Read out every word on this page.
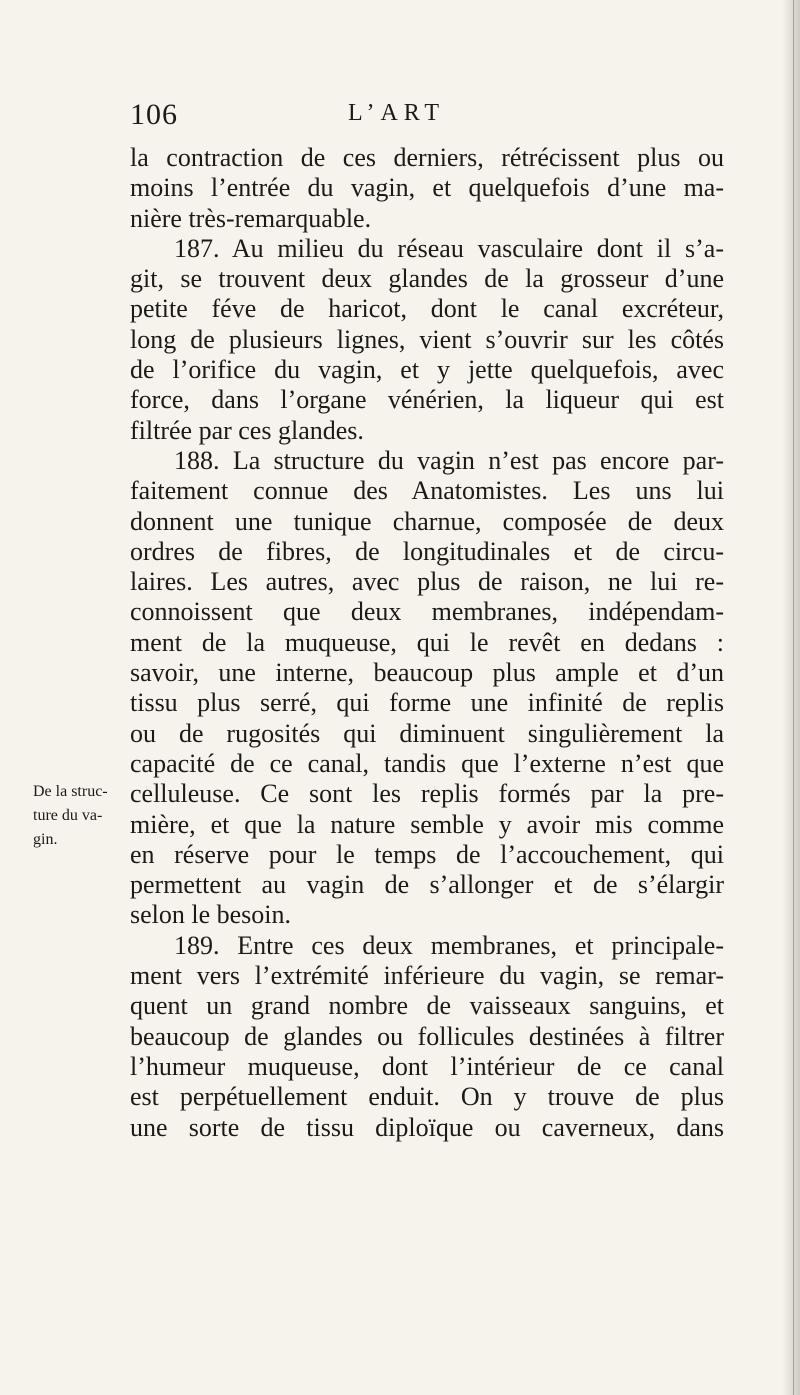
106	L’ART
De la struc-
ture du va-
gin.
la contraction de ces derniers, rétrécissent plus ou
moins l’entrée du vagin, et quelquefois d’une ma-
nière très-remarquable.
187. Au milieu du réseau vasculaire dont il s’a-
git, se trouvent deux glandes de la grosseur d’une
petite féve de haricot, dont le canal excréteur,
long de plusieurs lignes, vient s’ouvrir sur les côtés
de l’orifice du vagin, et y jette quelquefois, avec
force, dans l’organe vénérien, la liqueur qui est
filtrée par ces glandes.
188. La structure du vagin n’est pas encore par-
faitement connue des Anatomistes. Les uns lui
donnent une tunique charnue, composée de deux
ordres de fibres, de longitudinales et de circu-
laires. Les autres, avec plus de raison, ne lui re-
connoissent que deux membranes, indépendam-
ment de la muqueuse, qui le revêt en dedans :
savoir, une interne, beaucoup plus ample et d’un
tissu plus serré, qui forme une infinité de replis
ou de rugosités qui diminuent singulièrement la
capacité de ce canal, tandis que l’externe n’est que
celluleuse. Ce sont les replis formés par la pre-
mière, et que la nature semble y avoir mis comme
en réserve pour le temps de l’accouchement, qui
permettent au vagin de s’allonger et de s’élargir
selon le besoin.
189. Entre ces deux membranes, et principale-
ment vers l’extrémité inférieure du vagin, se remar-
quent un grand nombre de vaisseaux sanguins, et
beaucoup de glandes ou follicules destinées à filtrer
l’humeur muqueuse, dont l’intérieur de ce canal
est perpétuellement enduit. On y trouve de plus
une sorte de tissu diploïque ou caverneux, dans
